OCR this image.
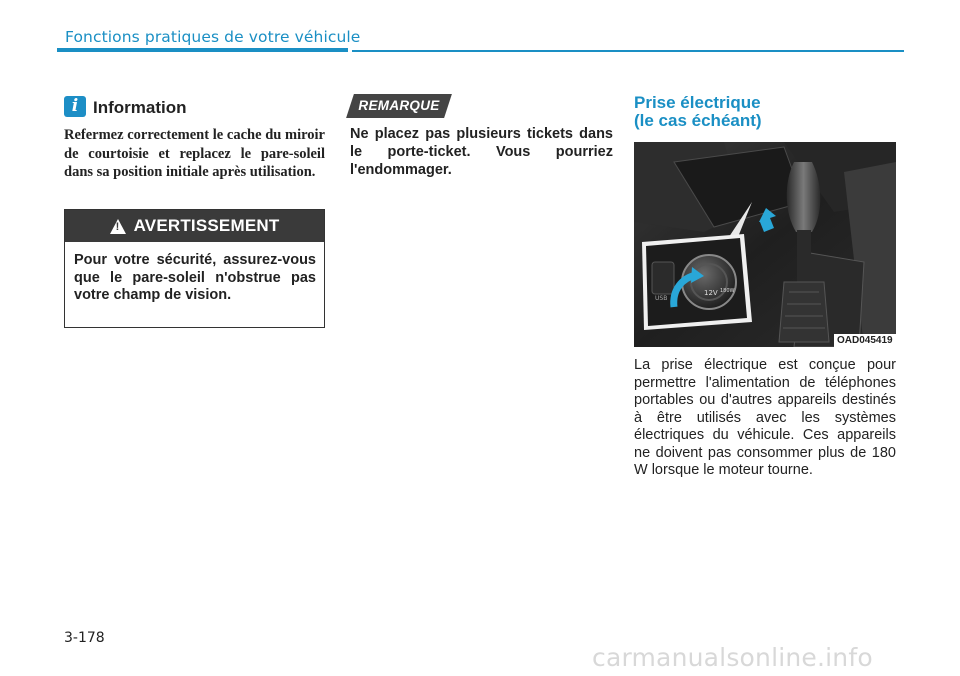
Fonctions pratiques de votre véhicule
i Information
Refermez correctement le cache du miroir de courtoisie et replacez le pare-soleil dans sa position initiale après utilisation.
! AVERTISSEMENT
Pour votre sécurité, assurez-vous que le pare-soleil n'obstrue pas votre champ de vision.
REMARQUE
Ne placez pas plusieurs tickets dans le porte-ticket. Vous pourriez l'endommager.
Prise électrique
(le cas échéant)
USB
12V 180W
OAD045419
La prise électrique est conçue pour permettre l'alimentation de téléphones portables ou d'autres appareils destinés à être utilisés avec les systèmes électriques du véhicule. Ces appareils ne doivent pas consommer plus de 180 W lorsque le moteur tourne.
3-178
carmanualsonline.info
